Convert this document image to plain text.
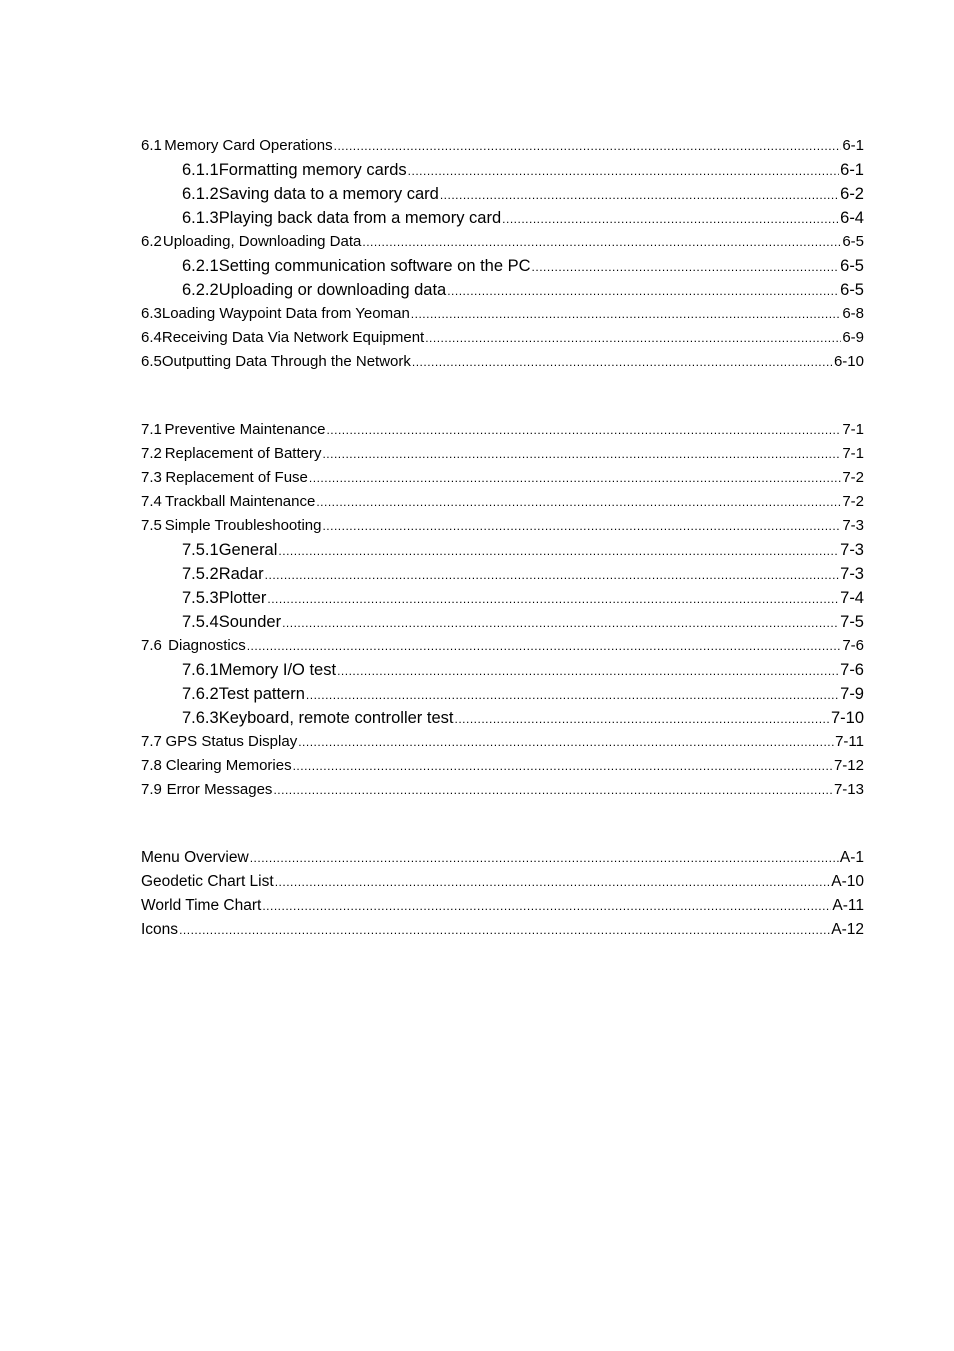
6.1 Memory Card Operations .....	6-1
6.1.1 Formatting memory cards .....	6-1
6.1.2 Saving data to a memory card .....	6-2
6.1.3 Playing back data from a memory card .....	6-4
6.2 Uploading, Downloading Data .....	6-5
6.2.1 Setting communication software on the PC .....	6-5
6.2.2 Uploading or downloading data .....	6-5
6.3 Loading Waypoint Data from Yeoman .....	6-8
6.4 Receiving Data Via Network Equipment .....	6-9
6.5 Outputting Data Through the Network .....	6-10
7.1 Preventive Maintenance .....	7-1
7.2 Replacement of Battery .....	7-1
7.3 Replacement of Fuse .....	7-2
7.4 Trackball Maintenance .....	7-2
7.5 Simple Troubleshooting .....	7-3
7.5.1 General .....	7-3
7.5.2 Radar .....	7-3
7.5.3 Plotter .....	7-4
7.5.4 Sounder .....	7-5
7.6 Diagnostics .....	7-6
7.6.1 Memory I/O test .....	7-6
7.6.2 Test pattern .....	7-9
7.6.3 Keyboard, remote controller test .....	7-10
7.7 GPS Status Display .....	7-11
7.8 Clearing Memories .....	7-12
7.9 Error Messages .....	7-13
Menu Overview .....	A-1
Geodetic Chart List .....	A-10
World Time Chart .....	A-11
Icons .....	A-12
